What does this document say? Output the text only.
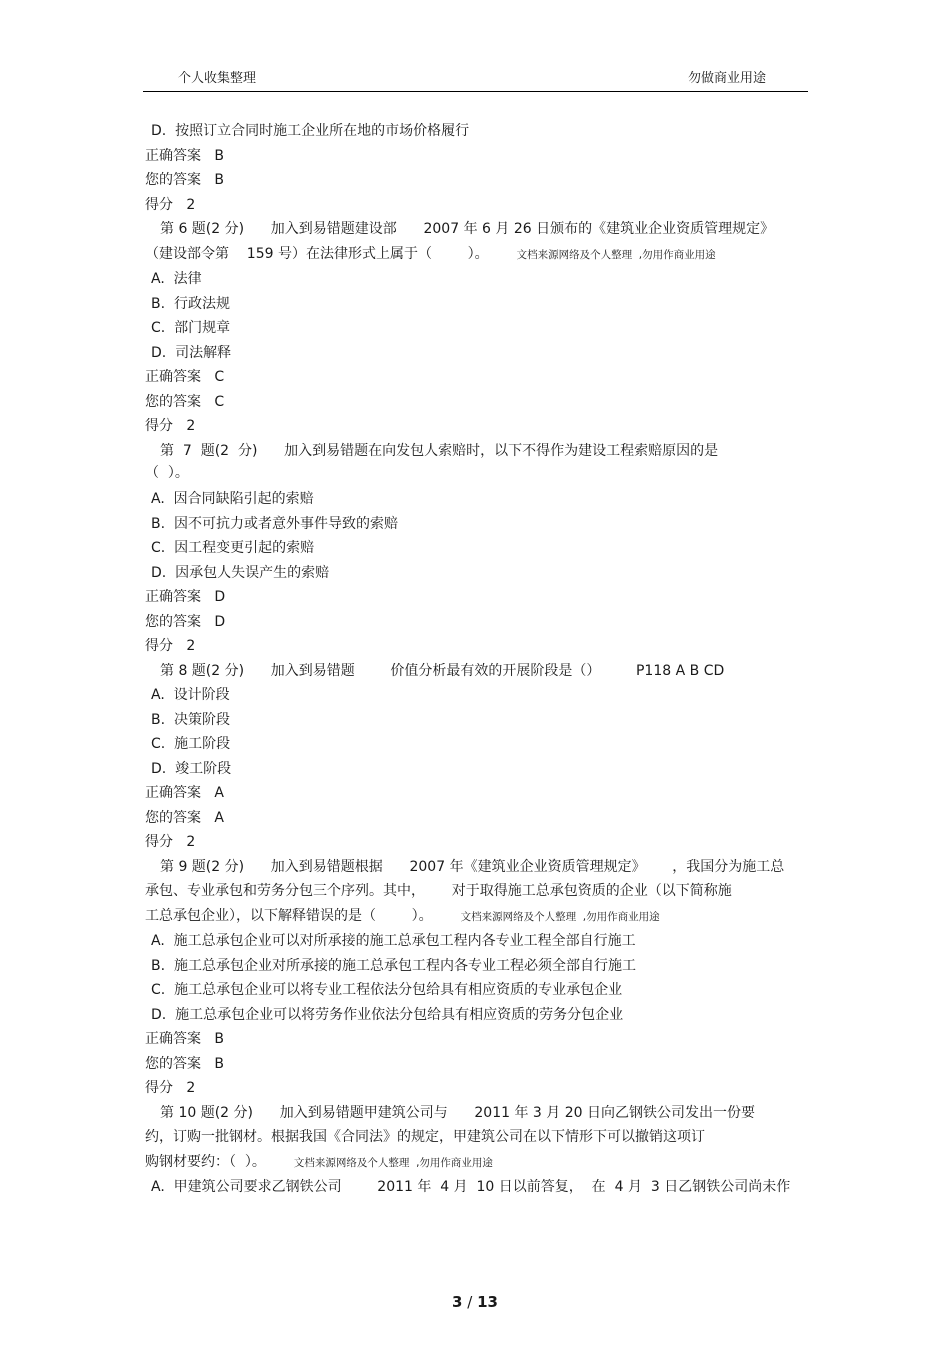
个人收集整理	勿做商业用途
D.  按照订立合同时施工企业所在地的市场价格履行
正确答案   B
您的答案   B
得分   2
第 6 题(2 分)      加入到易错题建设部      2007 年 6 月 26 日颁布的《建筑业企业资质管理规定》
（建设部令第    159 号）在法律形式上属于（        ）。	文档来源网络及个人整理  ,勿用作商业用途
A.  法律
B.  行政法规
C.  部门规章
D.  司法解释
正确答案   C
您的答案   C
得分   2
第  7  题(2  分)      加入到易错题在向发包人索赔时，以下不得作为建设工程索赔原因的是
（  ）。
A.  因合同缺陷引起的索赔
B.  因不可抗力或者意外事件导致的索赔
C.  因工程变更引起的索赔
D.  因承包人失误产生的索赔
正确答案   D
您的答案   D
得分   2
第 8 题(2 分)      加入到易错题        价值分析最有效的开展阶段是（）        P118 A B CD
A.  设计阶段
B.  决策阶段
C.  施工阶段
D.  竣工阶段
正确答案   A
您的答案   A
得分   2
第 9 题(2 分)      加入到易错题根据      2007 年《建筑业企业资质管理规定》      ，我国分为施工总
承包、专业承包和劳务分包三个序列。其中，      对于取得施工总承包资质的企业（以下简称施
工总承包企业），以下解释错误的是（        ）。	文档来源网络及个人整理  ,勿用作商业用途
A.  施工总承包企业可以对所承接的施工总承包工程内各专业工程全部自行施工
B.  施工总承包企业对所承接的施工总承包工程内各专业工程必须全部自行施工
C.  施工总承包企业可以将专业工程依法分包给具有相应资质的专业承包企业
D.  施工总承包企业可以将劳务作业依法分包给具有相应资质的劳务分包企业
正确答案   B
您的答案   B
得分   2
第 10 题(2 分)      加入到易错题甲建筑公司与      2011 年 3 月 20 日向乙钢铁公司发出一份要
约，订购一批钢材。根据我国《合同法》的规定，甲建筑公司在以下情形下可以撤销这项订
购钢材要约：（  ）。	文档来源网络及个人整理  ,勿用作商业用途
A.  甲建筑公司要求乙钢铁公司        2011 年  4 月  10 日以前答复，  在  4 月  3 日乙钢铁公司尚未作
3 / 13
